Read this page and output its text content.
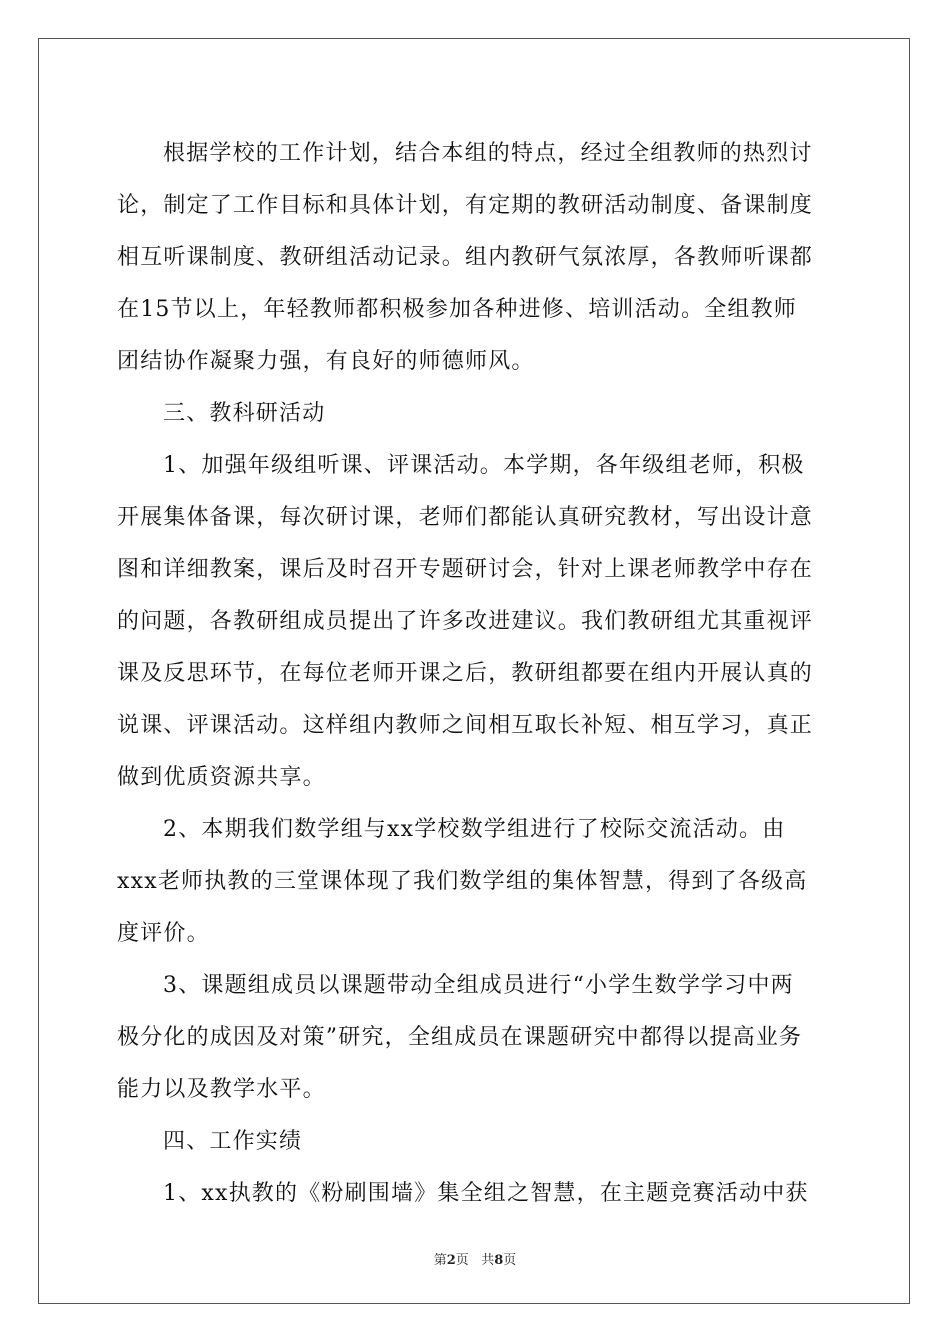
根据学校的工作计划，结合本组的特点，经过全组教师的热烈讨
论，制定了工作目标和具体计划，有定期的教研活动制度、备课制度
相互听课制度、教研组活动记录。组内教研气氛浓厚，各教师听课都
在15节以上，年轻教师都积极参加各种进修、培训活动。全组教师
团结协作凝聚力强，有良好的师德师风。
三、教科研活动
1、加强年级组听课、评课活动。本学期，各年级组老师，积极
开展集体备课，每次研讨课，老师们都能认真研究教材，写出设计意
图和详细教案，课后及时召开专题研讨会，针对上课老师教学中存在
的问题，各教研组成员提出了许多改进建议。我们教研组尤其重视评
课及反思环节，在每位老师开课之后，教研组都要在组内开展认真的
说课、评课活动。这样组内教师之间相互取长补短、相互学习，真正
做到优质资源共享。
2、本期我们数学组与xx学校数学组进行了校际交流活动。由
xxx老师执教的三堂课体现了我们数学组的集体智慧，得到了各级高
度评价。
3、课题组成员以课题带动全组成员进行“小学生数学学习中两
极分化的成因及对策”研究，全组成员在课题研究中都得以提高业务
能力以及教学水平。
四、工作实绩
1、xx执教的《粉刷围墙》集全组之智慧，在主题竞赛活动中获
第2页   共8页
